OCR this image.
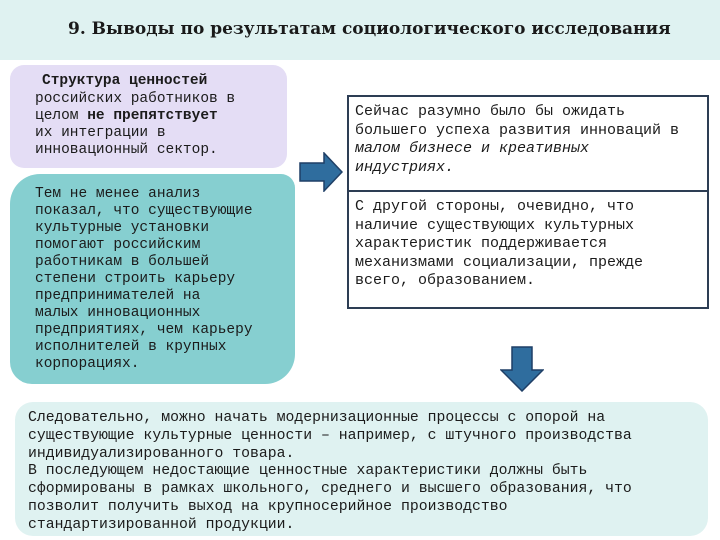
9. Выводы по результатам социологического исследования
Структура ценностей
российских работников в
целом не препятствует
их интеграции в
инновационный сектор.
Тем не менее анализ
показал, что существующие
культурные установки
помогают российским
работникам в большей
степени строить карьеру
предпринимателей на
малых инновационных
предприятиях, чем карьеру
исполнителей в крупных
корпорациях.
Сейчас разумно было бы ожидать
большего успеха развития инноваций в
малом бизнесе и креативных
индустриях.
С другой стороны, очевидно, что
наличие существующих культурных
характеристик поддерживается
механизмами социализации, прежде
всего, образованием.
Следовательно, можно начать модернизационные процессы с опорой на
существующие культурные ценности – например, с штучного производства
индивидуализированного товара.
В последующем недостающие ценностные характеристики должны быть
сформированы в рамках школьного, среднего и высшего образования, что
позволит получить выход на крупносерийное производство
стандартизированной продукции.
